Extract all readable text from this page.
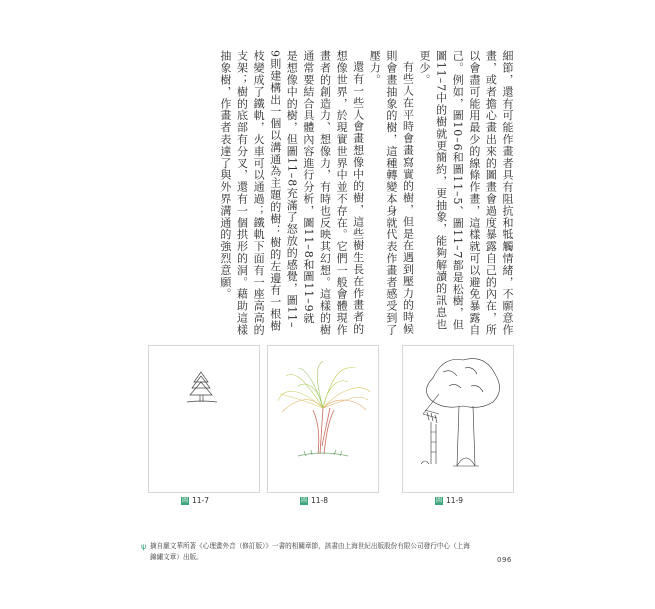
細節，還有可能作畫者具有阻抗和牴觸情緒，不願意作畫，或者擔心畫出來的圖畫會過度暴露自己的內在，所以會盡可能用最少的線條作畫，這樣就可以避免暴露自己。例如，圖10–6和圖11–5、圖11–7都是松樹，但圖11–7中的樹就更簡約，更抽象，能夠解讀的訊息也更少。

有些人在平時會畫寫實的樹，但是在遇到壓力的時候則會畫抽象的樹，這種轉變本身就代表作畫者感受到了壓力。

還有一些人會畫想像中的樹，這些樹生長在作畫者的想像世界，於現實世界中並不存在。它們一般會體現作畫者的創造力、想像力，有時也反映其幻想。這樣的樹通常要結合具體內容進行分析，圖11–8和圖11–9就是想像中的樹，但圖11–8充滿了怒放的感覺，圖11–9則建構出一個以溝通為主題的樹：樹的左邊有一根樹枝變成了鐵軌，火車可以通過；鐵軌下面有一座高高的支架；樹的底部有分叉，還有一個拱形的洞。藉助這樣抽象樹，作畫者表達了與外界溝通的強烈意願。

圖 11-7	圖 11-8	圖 11-9
ψ 摘自嚴文華所著《心理畫外音（修訂版）》一書的相關章節，該書由上海世紀出版股份有限公司發行中心（上海錦繡文章）出版。	096
